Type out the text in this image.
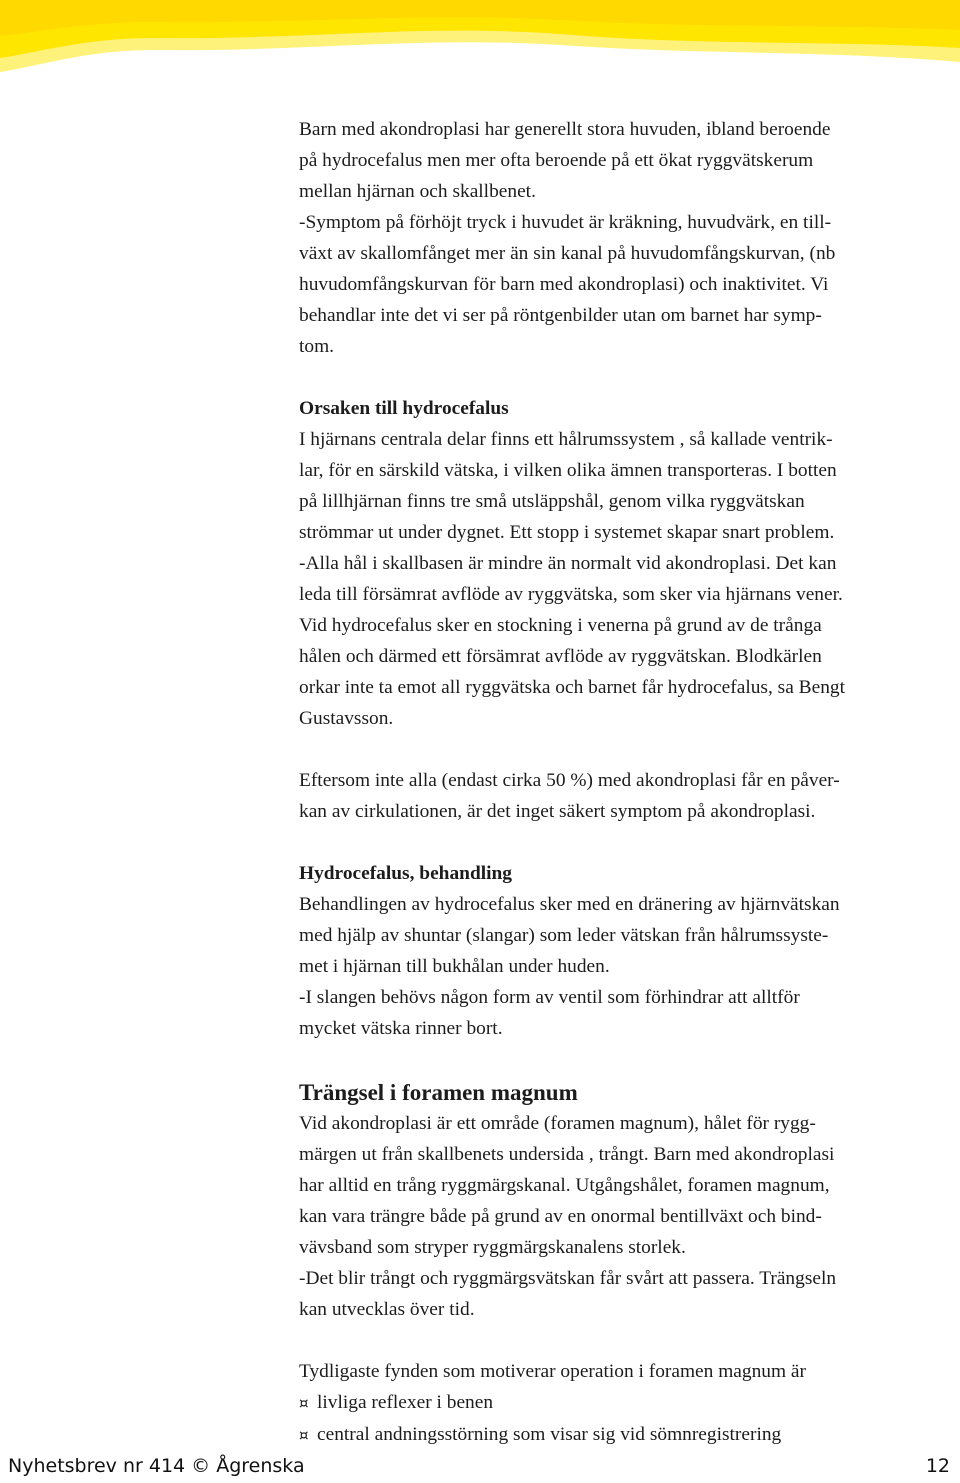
Barn med akondroplasi har generellt stora huvuden, ibland beroende
på hydrocefalus men mer ofta beroende på ett ökat ryggvätskerum
mellan hjärnan och skallbenet.
-Symptom på förhöjt tryck i huvudet är kräkning, huvudvärk, en till-
växt av skallomfånget mer än sin kanal på huvudomfångskurvan, (nb
huvudomfångskurvan för barn med akondroplasi) och inaktivitet. Vi
behandlar inte det vi ser på röntgenbilder utan om barnet har symp-
tom.
Orsaken till hydrocefalus
I hjärnans centrala delar finns ett hålrumssystem , så kallade ventrik-
lar, för en särskild vätska, i vilken olika ämnen transporteras. I botten
på lillhjärnan finns tre små utsläppshål, genom vilka ryggvätskan
strömmar ut under dygnet. Ett stopp i systemet skapar snart problem.
-Alla hål i skallbasen är mindre än normalt vid akondroplasi. Det kan
leda till försämrat avflöde av ryggvätska, som sker via hjärnans vener.
Vid hydrocefalus sker en stockning i venerna på grund av de trånga
hålen och därmed ett försämrat avflöde av ryggvätskan. Blodkärlen
orkar inte ta emot all ryggvätska och barnet får hydrocefalus, sa Bengt
Gustavsson.
Eftersom inte alla (endast cirka 50 %) med akondroplasi får en påver-
kan av cirkulationen, är det inget säkert symptom på akondroplasi.
Hydrocefalus, behandling
Behandlingen av hydrocefalus sker med en dränering av hjärnvätskan
med hjälp av shuntar (slangar) som leder vätskan från hålrumssyste-
met i hjärnan till bukhålan under huden.
-I slangen behövs någon form av ventil som förhindrar att alltför
mycket vätska rinner bort.
Trängsel i foramen magnum
Vid akondroplasi är ett område (foramen magnum), hålet för rygg-
märgen ut från skallbenets undersida , trångt. Barn med akondroplasi
har alltid en trång ryggmärgskanal. Utgångshålet, foramen magnum,
kan vara trängre både på grund av en onormal bentillväxt och bind-
vävsband som stryper ryggmärgskanalens storlek.
-Det blir trångt och ryggmärgsvätskan får svårt att passera. Trängseln
kan utvecklas över tid.
Tydligaste fynden som motiverar operation i foramen magnum är
¤ livliga reflexer i benen
¤ central andningsstörning som visar sig vid sömnregistrering
Nyhetsbrev nr 414 © Ågrenska	12
